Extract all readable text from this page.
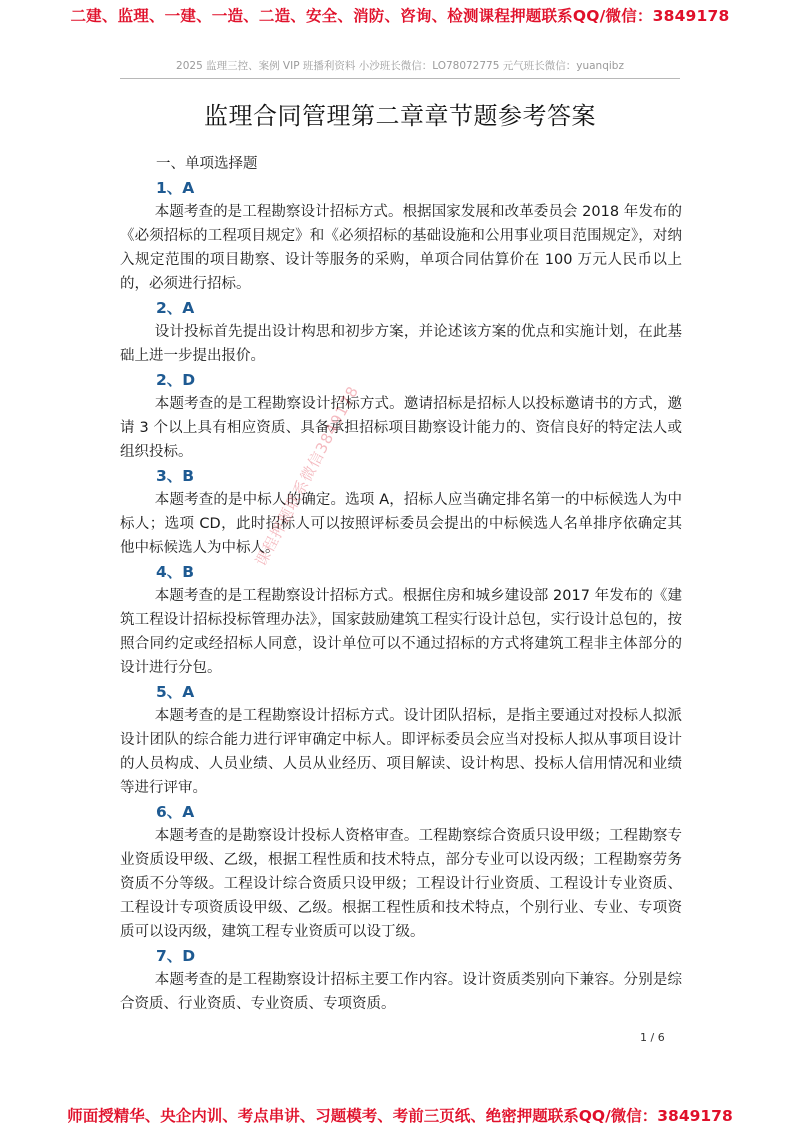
二建、监理、一建、一造、二造、安全、消防、咨询、检测课程押题联系QQ/微信：3849178
2025 监理三控、案例 VIP 班播利资料 小沙班长微信：LO78072775 元气班长微信：yuanqibz
监理合同管理第二章章节题参考答案
一、单项选择题
1、A
本题考查的是工程勘察设计招标方式。根据国家发展和改革委员会 2018 年发布的《必须招标的工程项目规定》和《必须招标的基础设施和公用事业项目范围规定》，对纳入规定范围的项目勘察、设计等服务的采购，单项合同估算价在 100 万元人民币以上的，必须进行招标。
2、A
设计投标首先提出设计构思和初步方案，并论述该方案的优点和实施计划，在此基础上进一步提出报价。
2、D
本题考查的是工程勘察设计招标方式。邀请招标是招标人以投标邀请书的方式，邀请 3 个以上具有相应资质、具备承担招标项目勘察设计能力的、资信良好的特定法人或组织投标。
3、B
本题考查的是中标人的确定。选项 A，招标人应当确定排名第一的中标候选人为中标人；选项 CD，此时招标人可以按照评标委员会提出的中标候选人名单排序依确定其他中标候选人为中标人。
4、B
本题考查的是工程勘察设计招标方式。根据住房和城乡建设部 2017 年发布的《建筑工程设计招标投标管理办法》，国家鼓励建筑工程实行设计总包，实行设计总包的，按照合同约定或经招标人同意，设计单位可以不通过招标的方式将建筑工程非主体部分的设计进行分包。
5、A
本题考查的是工程勘察设计招标方式。设计团队招标，是指主要通过对投标人拟派设计团队的综合能力进行评审确定中标人。即评标委员会应当对投标人拟从事项目设计的人员构成、人员业绩、人员从业经历、项目解读、设计构思、投标人信用情况和业绩等进行评审。
6、A
本题考查的是勘察设计投标人资格审查。工程勘察综合资质只设甲级；工程勘察专业资质设甲级、乙级，根据工程性质和技术特点，部分专业可以设丙级；工程勘察劳务资质不分等级。工程设计综合资质只设甲级；工程设计行业资质、工程设计专业资质、工程设计专项资质设甲级、乙级。根据工程性质和技术特点，个别行业、专业、专项资质可以设丙级，建筑工程专业资质可以设丁级。
7、D
本题考查的是工程勘察设计招标主要工作内容。设计资质类别向下兼容。分别是综合资质、行业资质、专业资质、专项资质。
课程押题联系微信3849178
1 / 6
师面授精华、央企内训、考点串讲、习题模考、考前三页纸、绝密押题联系QQ/微信：3849178
